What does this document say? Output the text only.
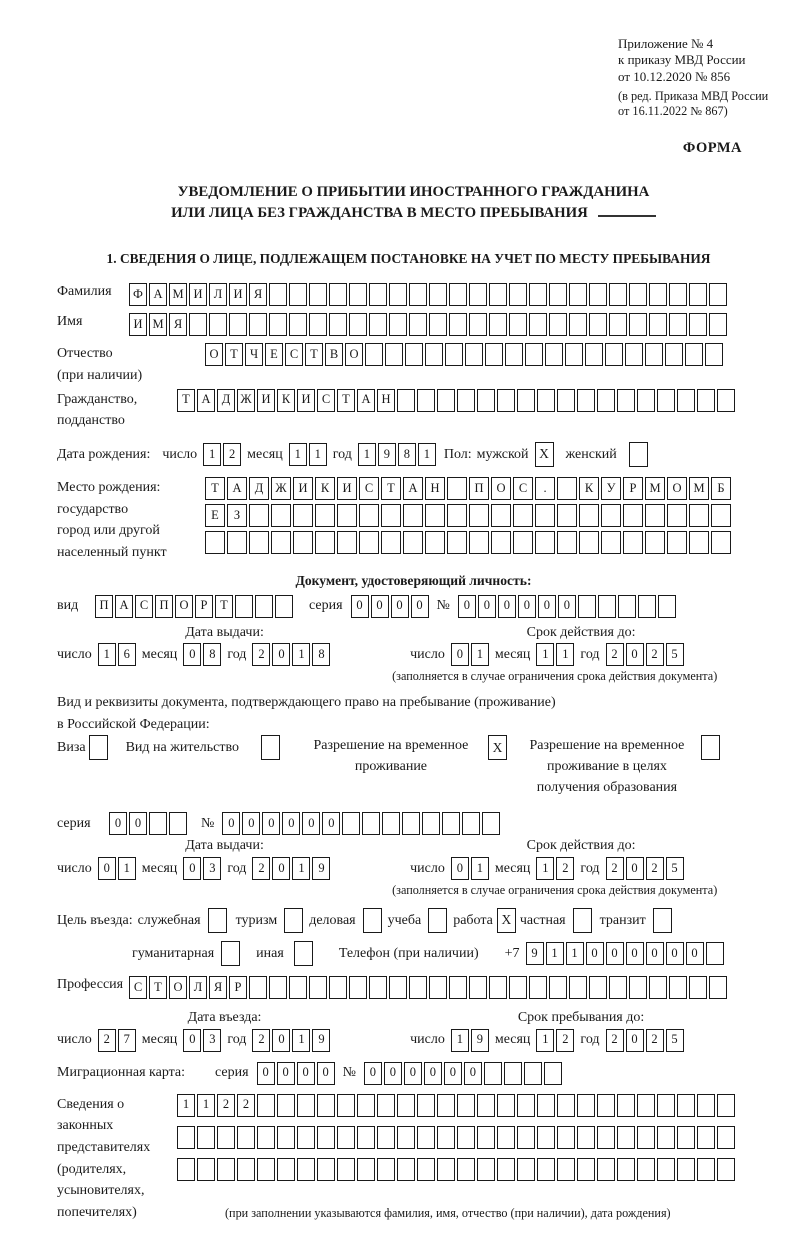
Приложение № 4
к приказу МВД России
от 10.12.2020 № 856
(в ред. Приказа МВД России
от 16.11.2022 № 867)
ФОРМА
УВЕДОМЛЕНИЕ О ПРИБЫТИИ ИНОСТРАННОГО ГРАЖДАНИНА
ИЛИ ЛИЦА БЕЗ ГРАЖДАНСТВА В МЕСТО ПРЕБЫВАНИЯ
1. СВЕДЕНИЯ О ЛИЦЕ, ПОДЛЕЖАЩЕМ ПОСТАНОВКЕ НА УЧЕТ ПО МЕСТУ ПРЕБЫВАНИЯ
Фамилия	Ф А М И Л И Я
Имя	И М Я
Отчество
(при наличии)
О Т Ч Е С Т В О
Гражданство,
подданство
Т А Д Ж И К И С Т А Н
Дата рождения: число 1	2 месяц 1	1 год 1	9	8	1 Пол: мужской X	женский
Место рождения:
государство
город или другой
населенный пункт
Т	А	Д Ж И	К	И	С	Т	А	Н	П	О	С	.	К	У	Р	М О М	Б
Е	З
Документ, удостоверяющий личность:
вид	П А С П О Р	Т	серия	0	0	0	0 №	0	0	0	0	0	0
Дата выдачи:
число 1	6 месяц 0	8 год 2	0	1	8
Срок действия до:
число 0	1 месяц 1	1 год 2	0	2	5
(заполняется в случае ограничения срока действия документа)
Вид и реквизиты документа, подтверждающего право на пребывание (проживание)
в Российской Федерации:
Виза	Вид на жительство	Разрешение на временное проживание
X	Разрешение на временное проживание в целях получения образования
серия	0	0	№	0	0	0	0	0	0
Дата выдачи:
число 0	1 месяц 0	3 год 2	0	1	9
Срок действия до:
число 0	1 месяц 1	2 год 2	0	2	5
(заполняется в случае ограничения срока действия документа)
Цель въезда: служебная	туризм деловая учеба работа X частная транзит
гуманитарная	иная	Телефон (при наличии) +7 9	1	1	0	0	0	0	0	0
Профессия С Т О Л Я Р
Дата въезда:
число 2	7 месяц 0	3 год 2	0	1	9
Срок пребывания до:
число 1	9 месяц 1	2 год 2	0	2	5
Миграционная карта: серия	0	0	0	0 №	0	0	0	0	0	0
Сведения о
законных
представителях
(родителях,
усыновителях,
попечителях)
1	1	2	2
(при заполнении указываются фамилия, имя, отчество (при наличии), дата рождения)
